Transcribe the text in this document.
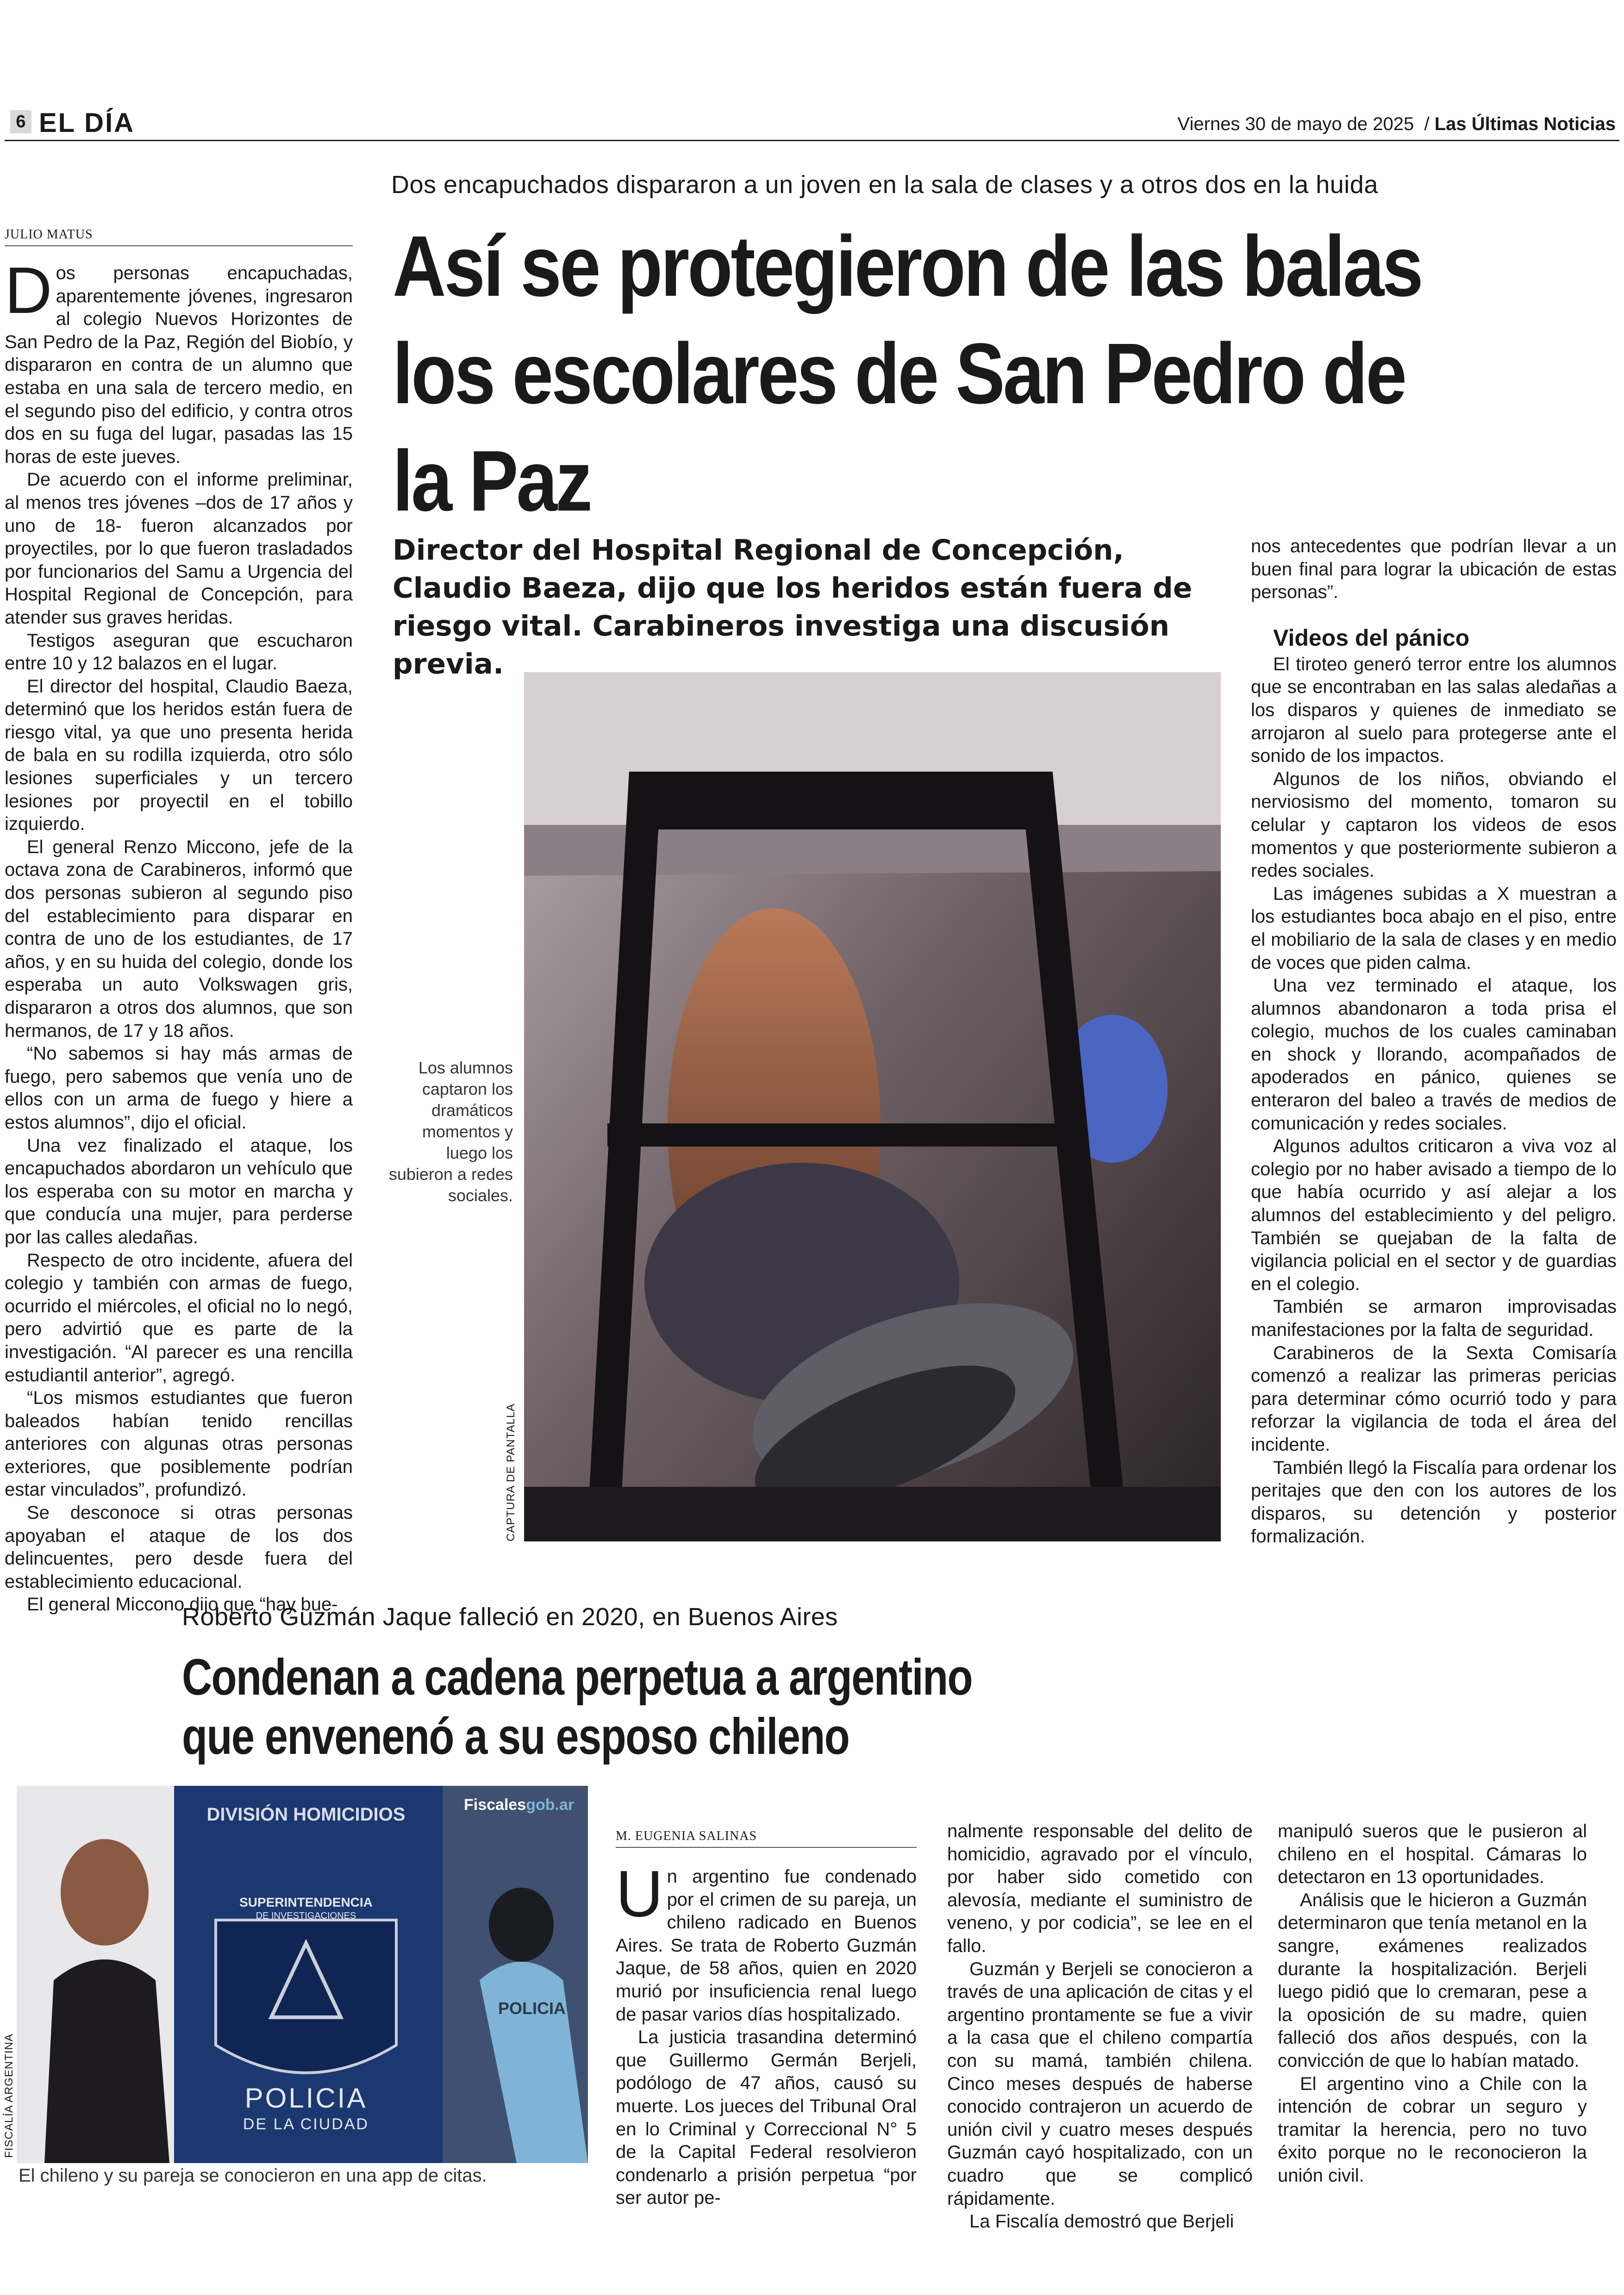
6 EL DÍA	Viernes 30 de mayo de 2025  / Las Últimas Noticias
Dos encapuchados dispararon a un joven en la sala de clases y a otros dos en la huida
Así se protegieron de las balas los escolares de San Pedro de la Paz
Director del Hospital Regional de Concepción, Claudio Baeza, dijo que los heridos están fuera de riesgo vital. Carabineros investiga una discusión previa.
JULIO MATUS

Dos personas encapuchadas, aparentemente jóvenes, ingresaron al colegio Nuevos Horizontes de San Pedro de la Paz, Región del Biobío, y dispararon en contra de un alumno que estaba en una sala de tercero medio, en el segundo piso del edificio, y contra otros dos en su fuga del lugar, pasadas las 15 horas de este jueves.

De acuerdo con el informe preliminar, al menos tres jóvenes –dos de 17 años y uno de 18- fueron alcanzados por proyectiles, por lo que fueron trasladados por funcionarios del Samu a Urgencia del Hospital Regional de Concepción, para atender sus graves heridas.

Testigos aseguran que escucharon entre 10 y 12 balazos en el lugar.

El director del hospital, Claudio Baeza, determinó que los heridos están fuera de riesgo vital, ya que uno presenta herida de bala en su rodilla izquierda, otro sólo lesiones superficiales y un tercero lesiones por proyectil en el tobillo izquierdo.

El general Renzo Miccono, jefe de la octava zona de Carabineros, informó que dos personas subieron al segundo piso del establecimiento para disparar en contra de uno de los estudiantes, de 17 años, y en su huida del colegio, donde los esperaba un auto Volkswagen gris, dispararon a otros dos alumnos, que son hermanos, de 17 y 18 años.

“No sabemos si hay más armas de fuego, pero sabemos que venía uno de ellos con un arma de fuego y hiere a estos alumnos”, dijo el oficial.

Una vez finalizado el ataque, los encapuchados abordaron un vehículo que los esperaba con su motor en marcha y que conducía una mujer, para perderse por las calles aledañas.

Respecto de otro incidente, afuera del colegio y también con armas de fuego, ocurrido el miércoles, el oficial no lo negó, pero advirtió que es parte de la investigación. “Al parecer es una rencilla estudiantil anterior”, agregó.

“Los mismos estudiantes que fueron baleados habían tenido rencillas anteriores con algunas otras personas exteriores, que posiblemente podrían estar vinculados”, profundizó.

Se desconoce si otras personas apoyaban el ataque de los dos delincuentes, pero desde fuera del establecimiento educacional.

El general Miccono dijo que “hay bue-

Los alumnos captaron los dramáticos momentos y luego los subieron a redes sociales.
CAPTURA DE PANTALLA

nos antecedentes que podrían llevar a un buen final para lograr la ubicación de estas personas”.

Videos del pánico

El tiroteo generó terror entre los alumnos que se encontraban en las salas aledañas a los disparos y quienes de inmediato se arrojaron al suelo para protegerse ante el sonido de los impactos.

Algunos de los niños, obviando el nerviosismo del momento, tomaron su celular y captaron los videos de esos momentos y que posteriormente subieron a redes sociales.

Las imágenes subidas a X muestran a los estudiantes boca abajo en el piso, entre el mobiliario de la sala de clases y en medio de voces que piden calma.

Una vez terminado el ataque, los alumnos abandonaron a toda prisa el colegio, muchos de los cuales caminaban en shock y llorando, acompañados de apoderados en pánico, quienes se enteraron del baleo a través de medios de comunicación y redes sociales.

Algunos adultos criticaron a viva voz al colegio por no haber avisado a tiempo de lo que había ocurrido y así alejar a los alumnos del establecimiento y del peligro. También se quejaban de la falta de vigilancia policial en el sector y de guardias en el colegio.

También se armaron improvisadas manifestaciones por la falta de seguridad.

Carabineros de la Sexta Comisaría comenzó a realizar las primeras pericias para determinar cómo ocurrió todo y para reforzar la vigilancia de toda el área del incidente.

También llegó la Fiscalía para ordenar los peritajes que den con los autores de los disparos, su detención y posterior formalización.

Roberto Guzmán Jaque falleció en 2020, en Buenos Aires
Condenan a cadena perpetua a argentino
que envenenó a su esposo chileno
DIVISIÓN HOMICIDIOS
SUPERINTENDENCIA
DE INVESTIGACIONES
POLICIA
DE LA CIUDAD
Fiscalesgob.ar
POLICIA
FISCALÍA ARGENTINA
El chileno y su pareja se conocieron en una app de citas.
M. EUGENIA SALINAS

Un argentino fue condenado por el crimen de su pareja, un chileno radicado en Buenos Aires. Se trata de Roberto Guzmán Jaque, de 58 años, quien en 2020 murió por insuficiencia renal luego de pasar varios días hospitalizado.

La justicia trasandina determinó que Guillermo Germán Berjeli, podólogo de 47 años, causó su muerte. Los jueces del Tribunal Oral en lo Criminal y Correccional N° 5 de la Capital Federal resolvieron condenarlo a prisión perpetua “por ser autor pe-

nalmente responsable del delito de homicidio, agravado por el vínculo, por haber sido cometido con alevosía, mediante el suministro de veneno, y por codicia”, se lee en el fallo.

Guzmán y Berjeli se conocieron a través de una aplicación de citas y el argentino prontamente se fue a vivir a la casa que el chileno compartía con su mamá, también chilena. Cinco meses después de haberse conocido contrajeron un acuerdo de unión civil y cuatro meses después Guzmán cayó hospitalizado, con un cuadro que se complicó rápidamente.

La Fiscalía demostró que Berjeli

manipuló sueros que le pusieron al chileno en el hospital. Cámaras lo detectaron en 13 oportunidades.

Análisis que le hicieron a Guzmán determinaron que tenía metanol en la sangre, exámenes realizados durante la hospitalización. Berjeli luego pidió que lo cremaran, pese a la oposición de su madre, quien falleció dos años después, con la convicción de que lo habían matado.

El argentino vino a Chile con la intención de cobrar un seguro y tramitar la herencia, pero no tuvo éxito porque no le reconocieron la unión civil.
